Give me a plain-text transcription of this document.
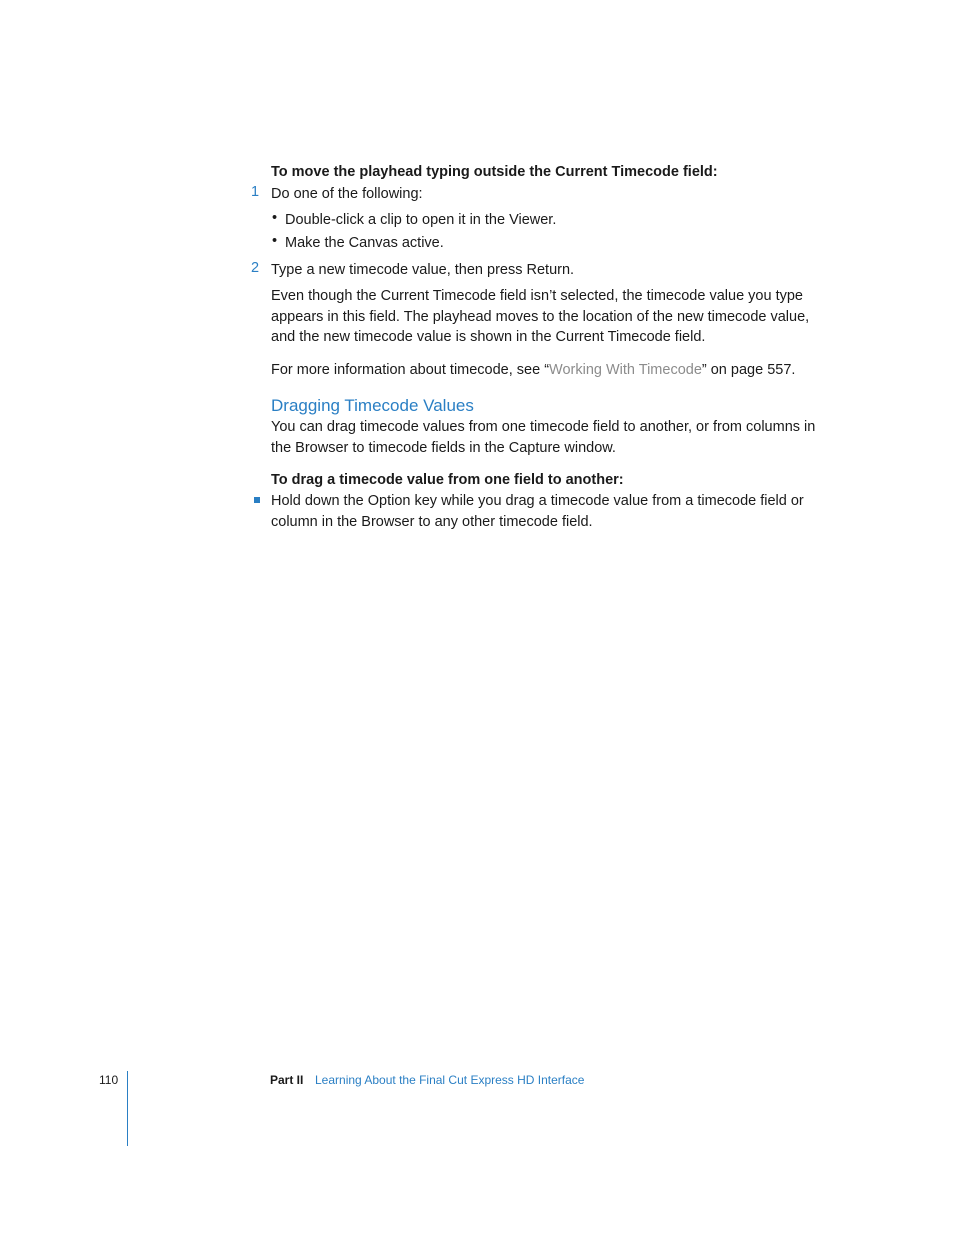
To move the playhead typing outside the Current Timecode field:
1 Do one of the following:
• Double-click a clip to open it in the Viewer.
• Make the Canvas active.
2 Type a new timecode value, then press Return.
Even though the Current Timecode field isn’t selected, the timecode value you type appears in this field. The playhead moves to the location of the new timecode value, and the new timecode value is shown in the Current Timecode field.
For more information about timecode, see “Working With Timecode” on page 557.
Dragging Timecode Values
You can drag timecode values from one timecode field to another, or from columns in the Browser to timecode fields in the Capture window.
To drag a timecode value from one field to another:
Hold down the Option key while you drag a timecode value from a timecode field or column in the Browser to any other timecode field.
110	Part II Learning About the Final Cut Express HD Interface
